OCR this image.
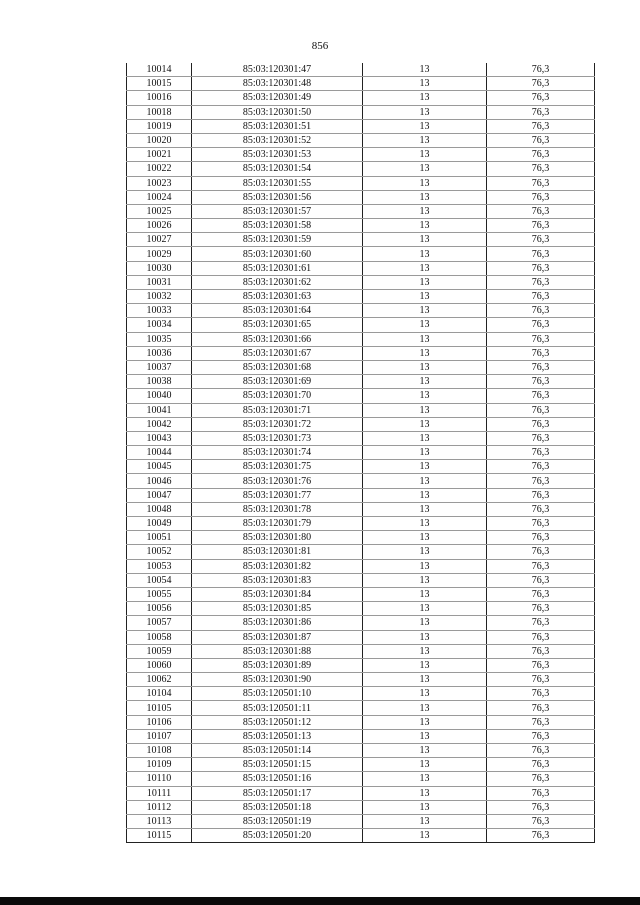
856
10014	85:03:120301:47	13	76,3
10015	85:03:120301:48	13	76,3
10016	85:03:120301:49	13	76,3
10018	85:03:120301:50	13	76,3
10019	85:03:120301:51	13	76,3
10020	85:03:120301:52	13	76,3
10021	85:03:120301:53	13	76,3
10022	85:03:120301:54	13	76,3
10023	85:03:120301:55	13	76,3
10024	85:03:120301:56	13	76,3
10025	85:03:120301:57	13	76,3
10026	85:03:120301:58	13	76,3
10027	85:03:120301:59	13	76,3
10029	85:03:120301:60	13	76,3
10030	85:03:120301:61	13	76,3
10031	85:03:120301:62	13	76,3
10032	85:03:120301:63	13	76,3
10033	85:03:120301:64	13	76,3
10034	85:03:120301:65	13	76,3
10035	85:03:120301:66	13	76,3
10036	85:03:120301:67	13	76,3
10037	85:03:120301:68	13	76,3
10038	85:03:120301:69	13	76,3
10040	85:03:120301:70	13	76,3
10041	85:03:120301:71	13	76,3
10042	85:03:120301:72	13	76,3
10043	85:03:120301:73	13	76,3
10044	85:03:120301:74	13	76,3
10045	85:03:120301:75	13	76,3
10046	85:03:120301:76	13	76,3
10047	85:03:120301:77	13	76,3
10048	85:03:120301:78	13	76,3
10049	85:03:120301:79	13	76,3
10051	85:03:120301:80	13	76,3
10052	85:03:120301:81	13	76,3
10053	85:03:120301:82	13	76,3
10054	85:03:120301:83	13	76,3
10055	85:03:120301:84	13	76,3
10056	85:03:120301:85	13	76,3
10057	85:03:120301:86	13	76,3
10058	85:03:120301:87	13	76,3
10059	85:03:120301:88	13	76,3
10060	85:03:120301:89	13	76,3
10062	85:03:120301:90	13	76,3
10104	85:03:120501:10	13	76,3
10105	85:03:120501:11	13	76,3
10106	85:03:120501:12	13	76,3
10107	85:03:120501:13	13	76,3
10108	85:03:120501:14	13	76,3
10109	85:03:120501:15	13	76,3
10110	85:03:120501:16	13	76,3
10111	85:03:120501:17	13	76,3
10112	85:03:120501:18	13	76,3
10113	85:03:120501:19	13	76,3
10115	85:03:120501:20	13	76,3
